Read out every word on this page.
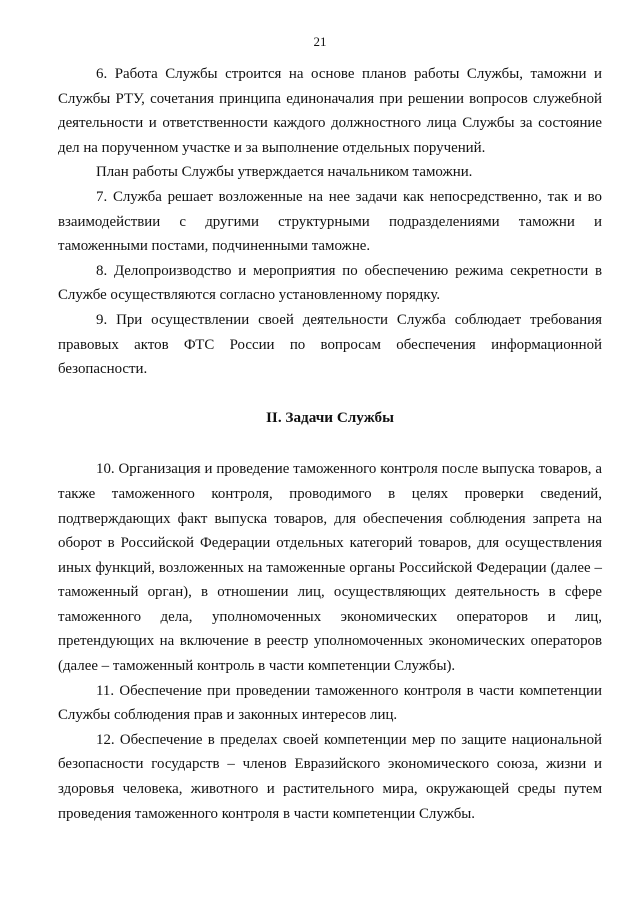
21

6. Работа Службы строится на основе планов работы Службы, таможни и Службы РТУ, сочетания принципа единоначалия при решении вопросов служебной деятельности и ответственности каждого должностного лица Службы за состояние дел на порученном участке и за выполнение отдельных поручений.

План работы Службы утверждается начальником таможни.

7. Служба решает возложенные на нее задачи как непосредственно, так и во взаимодействии с другими структурными подразделениями таможни и таможенными постами, подчиненными таможне.

8. Делопроизводство и мероприятия по обеспечению режима секретности в Службе осуществляются согласно установленному порядку.

9. При осуществлении своей деятельности Служба соблюдает требования правовых актов ФТС России по вопросам обеспечения информационной безопасности.

II. Задачи Службы

10. Организация и проведение таможенного контроля после выпуска товаров, а также таможенного контроля, проводимого в целях проверки сведений, подтверждающих факт выпуска товаров, для обеспечения соблюдения запрета на оборот в Российской Федерации отдельных категорий товаров, для осуществления иных функций, возложенных на таможенные органы Российской Федерации (далее – таможенный орган), в отношении лиц, осуществляющих деятельность в сфере таможенного дела, уполномоченных экономических операторов и лиц, претендующих на включение в реестр уполномоченных экономических операторов (далее – таможенный контроль в части компетенции Службы).

11. Обеспечение при проведении таможенного контроля в части компетенции Службы соблюдения прав и законных интересов лиц.

12. Обеспечение в пределах своей компетенции мер по защите национальной безопасности государств – членов Евразийского экономического союза, жизни и здоровья человека, животного и растительного мира, окружающей среды путем проведения таможенного контроля в части компетенции Службы.
